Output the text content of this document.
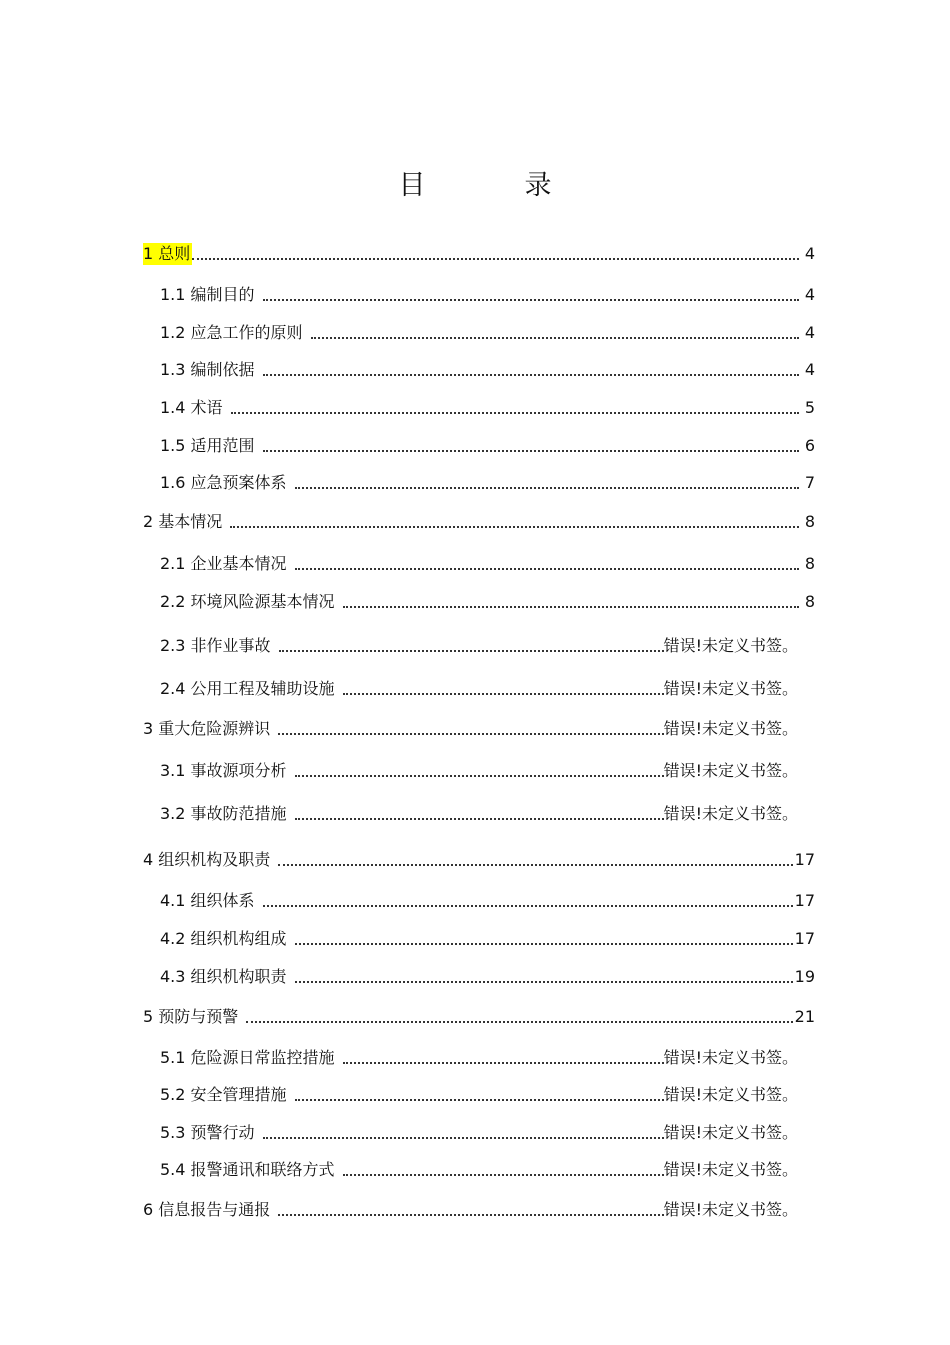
目　录
1 总则	4
1.1 编制目的	4
1.2 应急工作的原则	4
1.3 编制依据	4
1.4 术语	5
1.5 适用范围	6
1.6 应急预案体系	7
2 基本情况	8
2.1 企业基本情况	8
2.2 环境风险源基本情况	8
2.3 非作业事故	错误!未定义书签。
2.4 公用工程及辅助设施	错误!未定义书签。
3 重大危险源辨识	错误!未定义书签。
3.1 事故源项分析	错误!未定义书签。
3.2 事故防范措施	错误!未定义书签。
4 组织机构及职责	17
4.1 组织体系	17
4.2 组织机构组成	17
4.3 组织机构职责	19
5 预防与预警	21
5.1 危险源日常监控措施	错误!未定义书签。
5.2 安全管理措施	错误!未定义书签。
5.3 预警行动	错误!未定义书签。
5.4 报警通讯和联络方式	错误!未定义书签。
6 信息报告与通报	错误!未定义书签。
